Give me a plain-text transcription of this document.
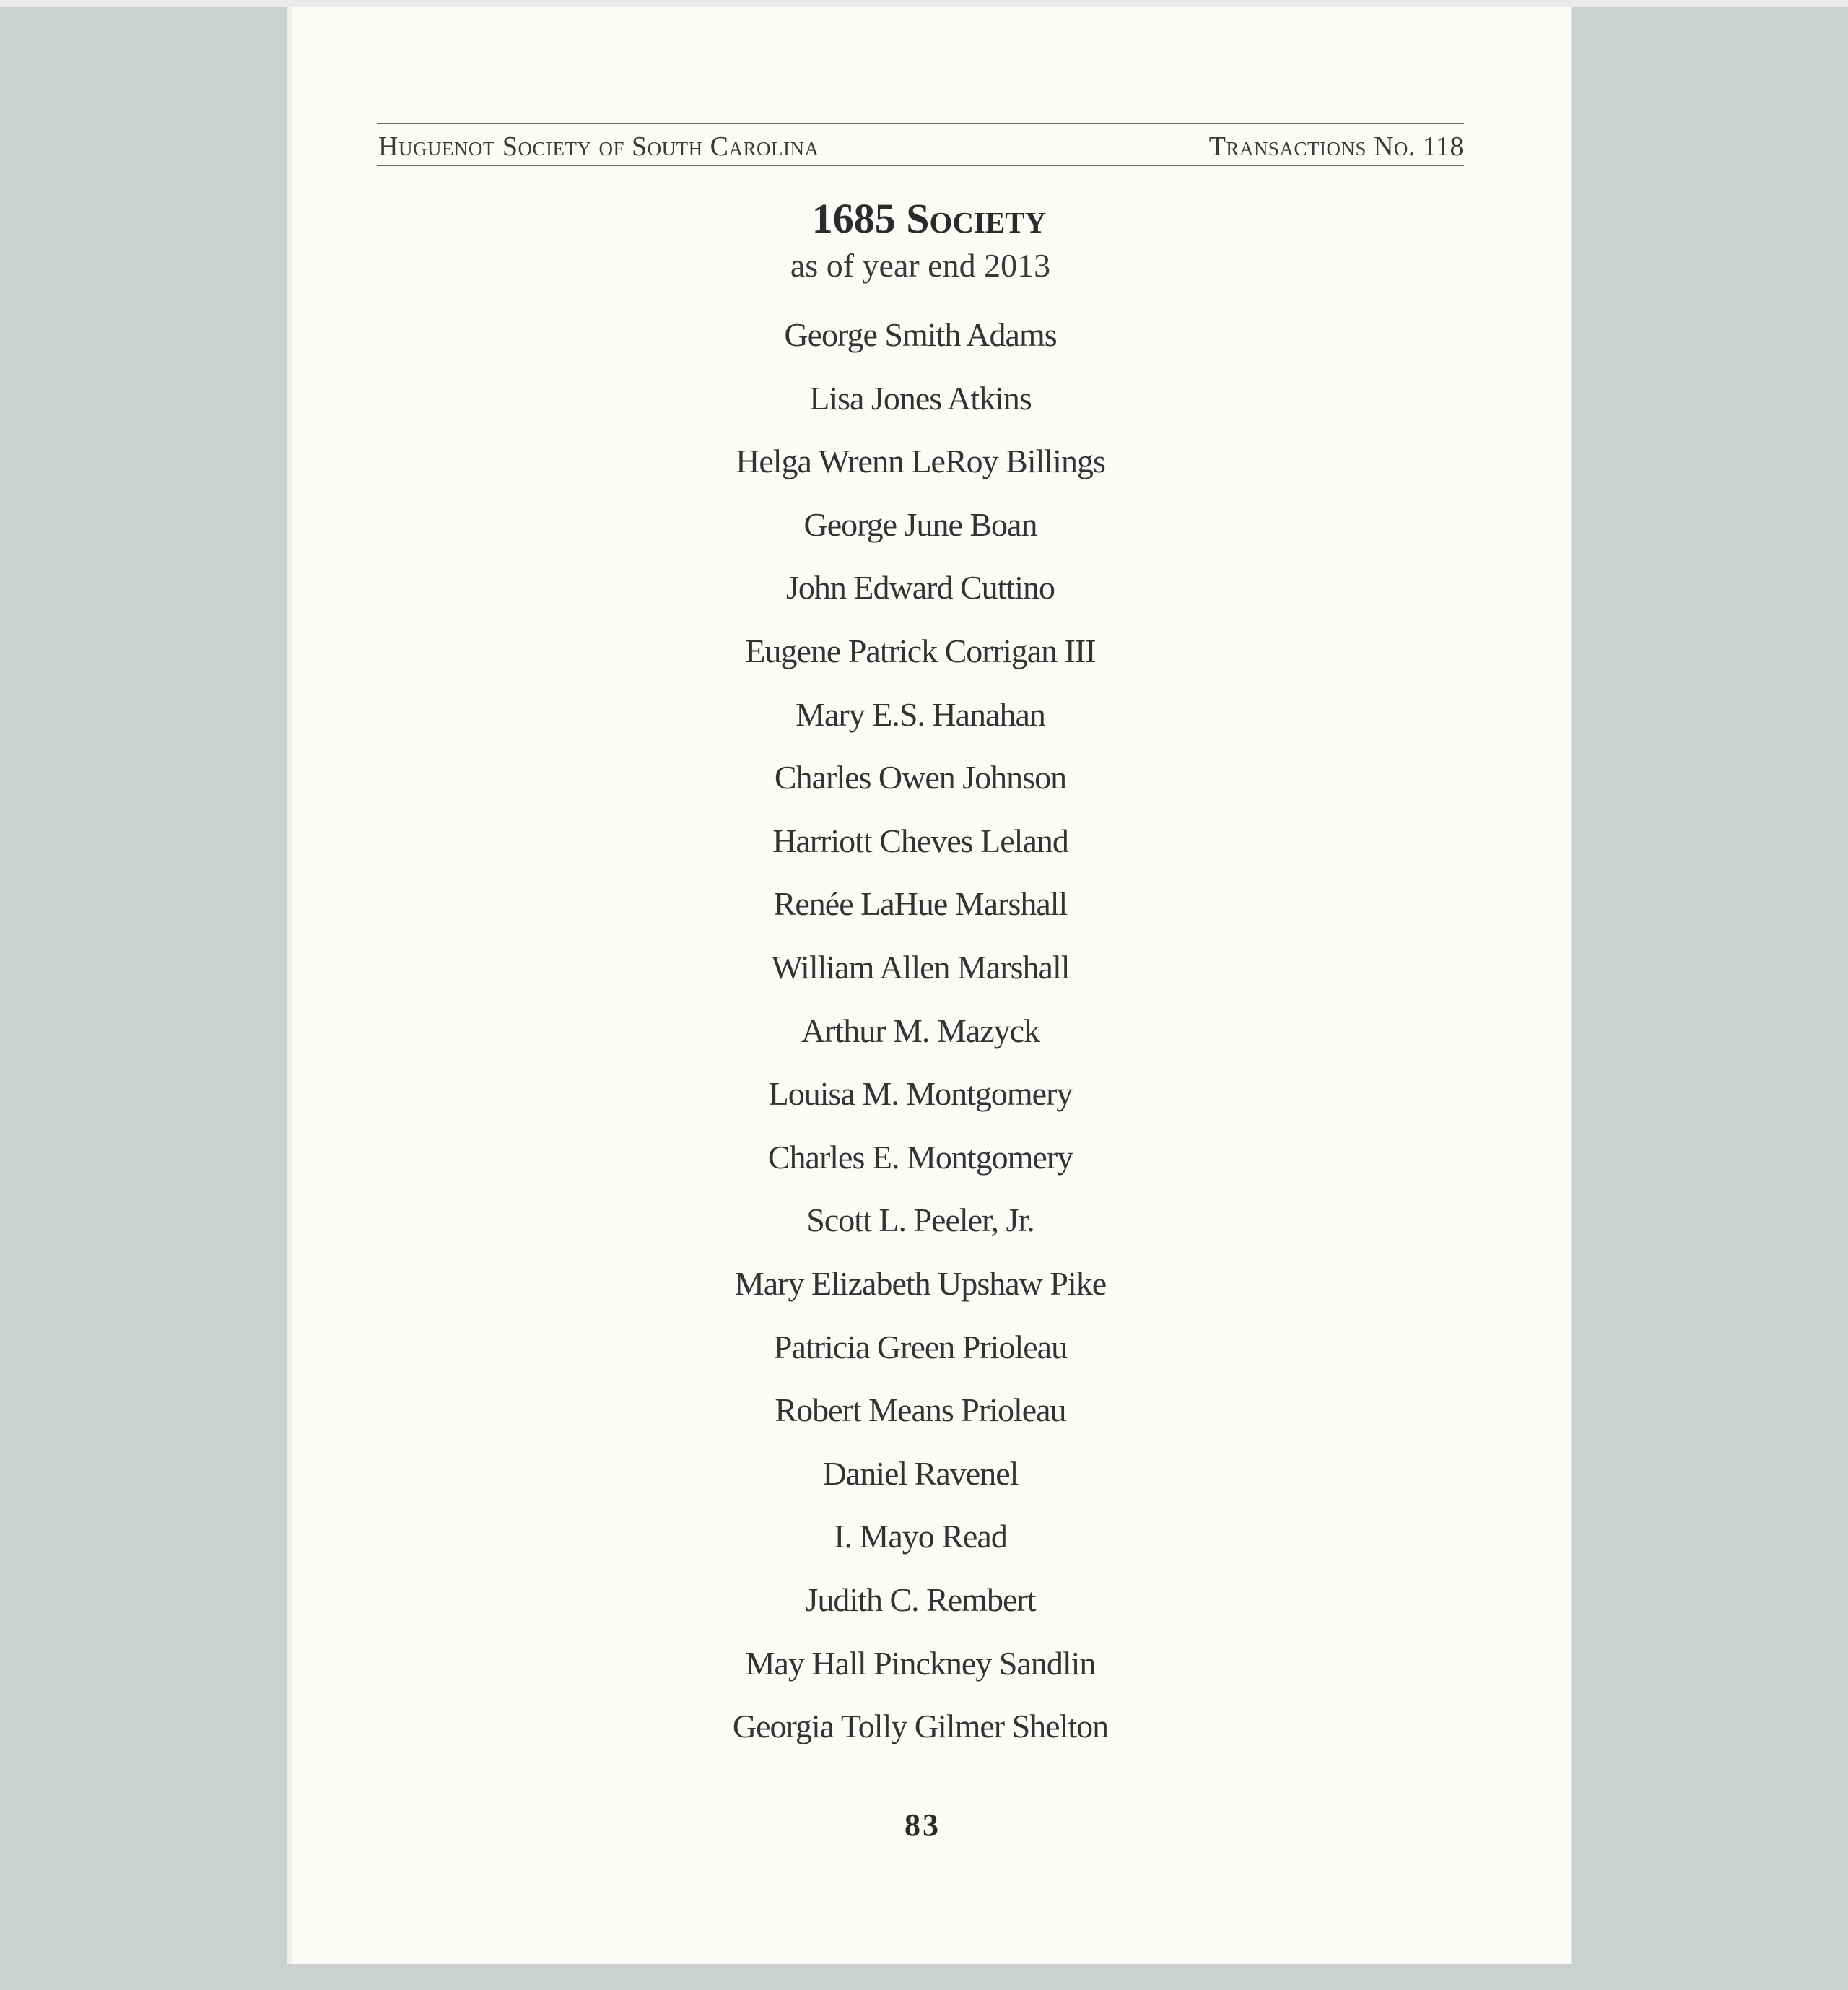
Huguenot Society of South Carolina	Transactions No. 118
1685 Society
as of year end 2013
George Smith Adams
Lisa Jones Atkins
Helga Wrenn LeRoy Billings
George June Boan
John Edward Cuttino
Eugene Patrick Corrigan III
Mary E.S. Hanahan
Charles Owen Johnson
Harriott Cheves Leland
Renée LaHue Marshall
William Allen Marshall
Arthur M. Mazyck
Louisa M. Montgomery
Charles E. Montgomery
Scott L. Peeler, Jr.
Mary Elizabeth Upshaw Pike
Patricia Green Prioleau
Robert Means Prioleau
Daniel Ravenel
I. Mayo Read
Judith C. Rembert
May Hall Pinckney Sandlin
Georgia Tolly Gilmer Shelton
83
